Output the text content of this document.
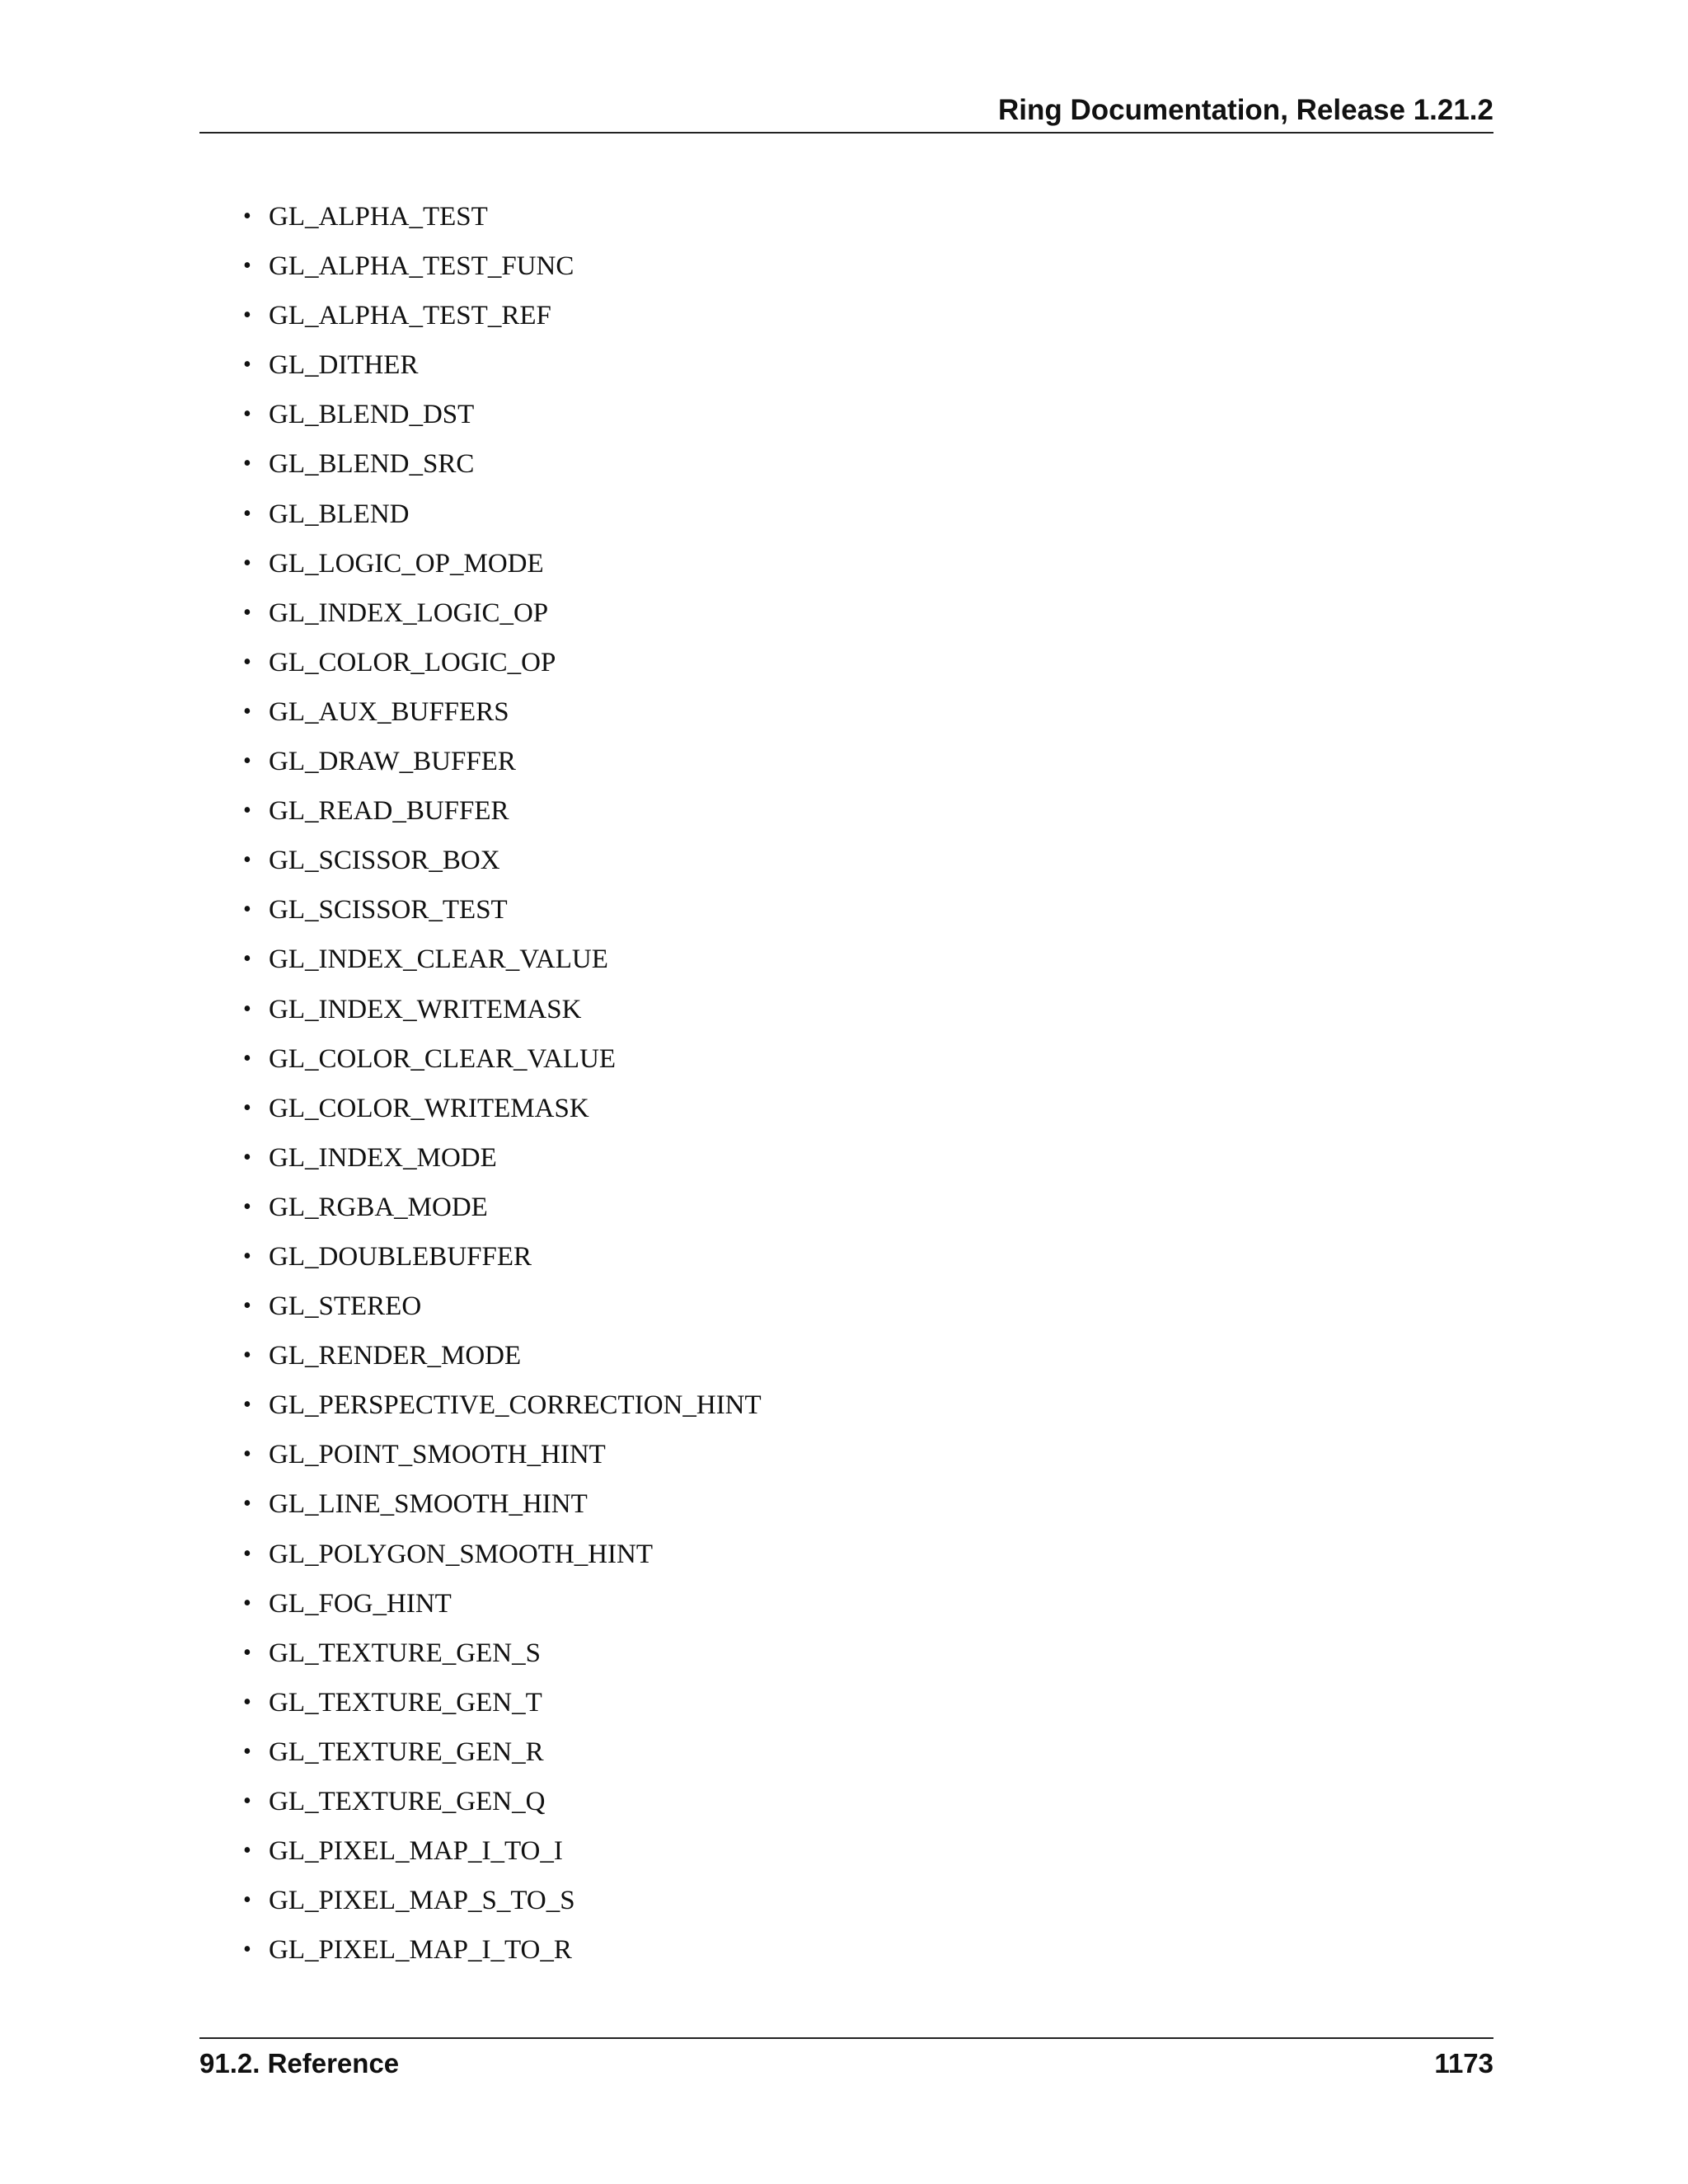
Ring Documentation, Release 1.21.2
• GL_ALPHA_TEST
• GL_ALPHA_TEST_FUNC
• GL_ALPHA_TEST_REF
• GL_DITHER
• GL_BLEND_DST
• GL_BLEND_SRC
• GL_BLEND
• GL_LOGIC_OP_MODE
• GL_INDEX_LOGIC_OP
• GL_COLOR_LOGIC_OP
• GL_AUX_BUFFERS
• GL_DRAW_BUFFER
• GL_READ_BUFFER
• GL_SCISSOR_BOX
• GL_SCISSOR_TEST
• GL_INDEX_CLEAR_VALUE
• GL_INDEX_WRITEMASK
• GL_COLOR_CLEAR_VALUE
• GL_COLOR_WRITEMASK
• GL_INDEX_MODE
• GL_RGBA_MODE
• GL_DOUBLEBUFFER
• GL_STEREO
• GL_RENDER_MODE
• GL_PERSPECTIVE_CORRECTION_HINT
• GL_POINT_SMOOTH_HINT
• GL_LINE_SMOOTH_HINT
• GL_POLYGON_SMOOTH_HINT
• GL_FOG_HINT
• GL_TEXTURE_GEN_S
• GL_TEXTURE_GEN_T
• GL_TEXTURE_GEN_R
• GL_TEXTURE_GEN_Q
• GL_PIXEL_MAP_I_TO_I
• GL_PIXEL_MAP_S_TO_S
• GL_PIXEL_MAP_I_TO_R
91.2. Reference	1173
